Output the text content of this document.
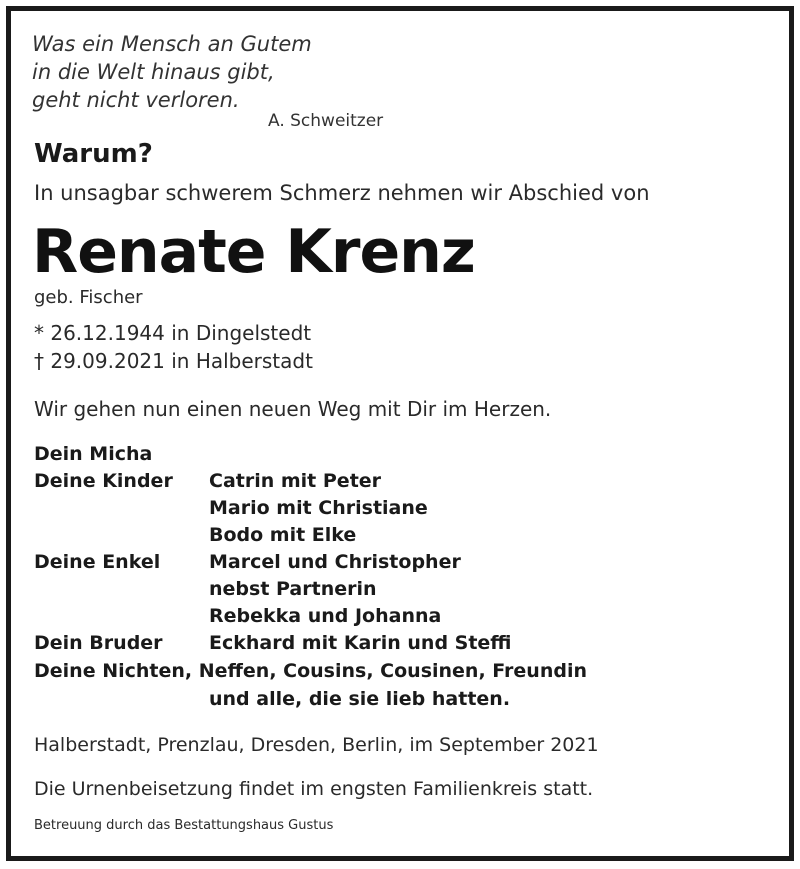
Was ein Mensch an Gutem
in die Welt hinaus gibt,
geht nicht verloren.
A. Schweitzer
Warum?
In unsagbar schwerem Schmerz nehmen wir Abschied von
Renate Krenz
geb. Fischer
* 26.12.1944 in Dingelstedt
† 29.09.2021 in Halberstadt
Wir gehen nun einen neuen Weg mit Dir im Herzen.
Dein Micha
Deine Kinder Catrin mit Peter
Mario mit Christiane
Bodo mit Elke
Deine Enkel	Marcel und Christopher
nebst Partnerin
Rebekka und Johanna
Dein Bruder Eckhard mit Karin und Steffi
Deine Nichten, Neffen, Cousins, Cousinen, Freundin
und alle, die sie lieb hatten.
Halberstadt, Prenzlau, Dresden, Berlin, im September 2021
Die Urnenbeisetzung findet im engsten Familienkreis statt.
Betreuung durch das Bestattungshaus Gustus
